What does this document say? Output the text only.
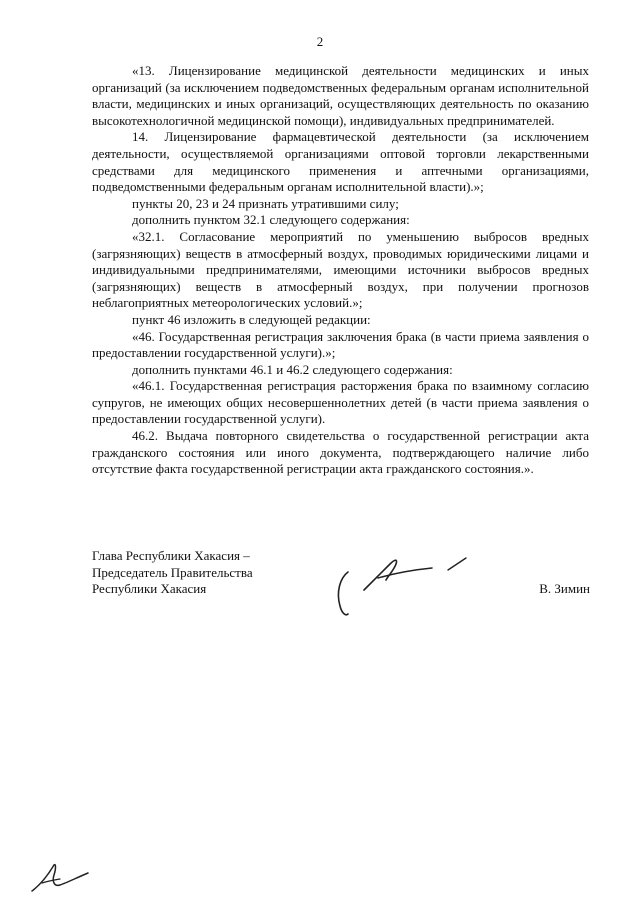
2

«13. Лицензирование медицинской деятельности медицинских и иных организаций (за исключением подведомственных федеральным органам исполнительной власти, медицинских и иных организаций, осуществляющих деятельность по оказанию высокотехнологичной медицинской помощи), индивидуальных предпринимателей.

14. Лицензирование фармацевтической деятельности (за исключением деятельности, осуществляемой организациями оптовой торговли лекарственными средствами для медицинского применения и аптечными организациями, подведомственными федеральным органам исполнительной власти).»;

пункты 20, 23 и 24 признать утратившими силу;

дополнить пунктом 32.1 следующего содержания:

«32.1. Согласование мероприятий по уменьшению выбросов вредных (загрязняющих) веществ в атмосферный воздух, проводимых юридическими лицами и индивидуальными предпринимателями, имеющими источники выбросов вредных (загрязняющих) веществ в атмосферный воздух, при получении прогнозов неблагоприятных метеорологических условий.»;

пункт 46 изложить в следующей редакции:

«46. Государственная регистрация заключения брака (в части приема заявления о предоставлении государственной услуги).»;

дополнить пунктами 46.1 и 46.2 следующего содержания:

«46.1. Государственная регистрация расторжения брака по взаимному согласию супругов, не имеющих общих несовершеннолетних детей (в части приема заявления о предоставлении государственной услуги).

46.2. Выдача повторного свидетельства о государственной регистрации акта гражданского состояния или иного документа, подтверждающего наличие либо отсутствие факта государственной регистрации акта гражданского состояния.».

Глава Республики Хакасия –
Председатель Правительства
Республики Хакасия	В. Зимин
